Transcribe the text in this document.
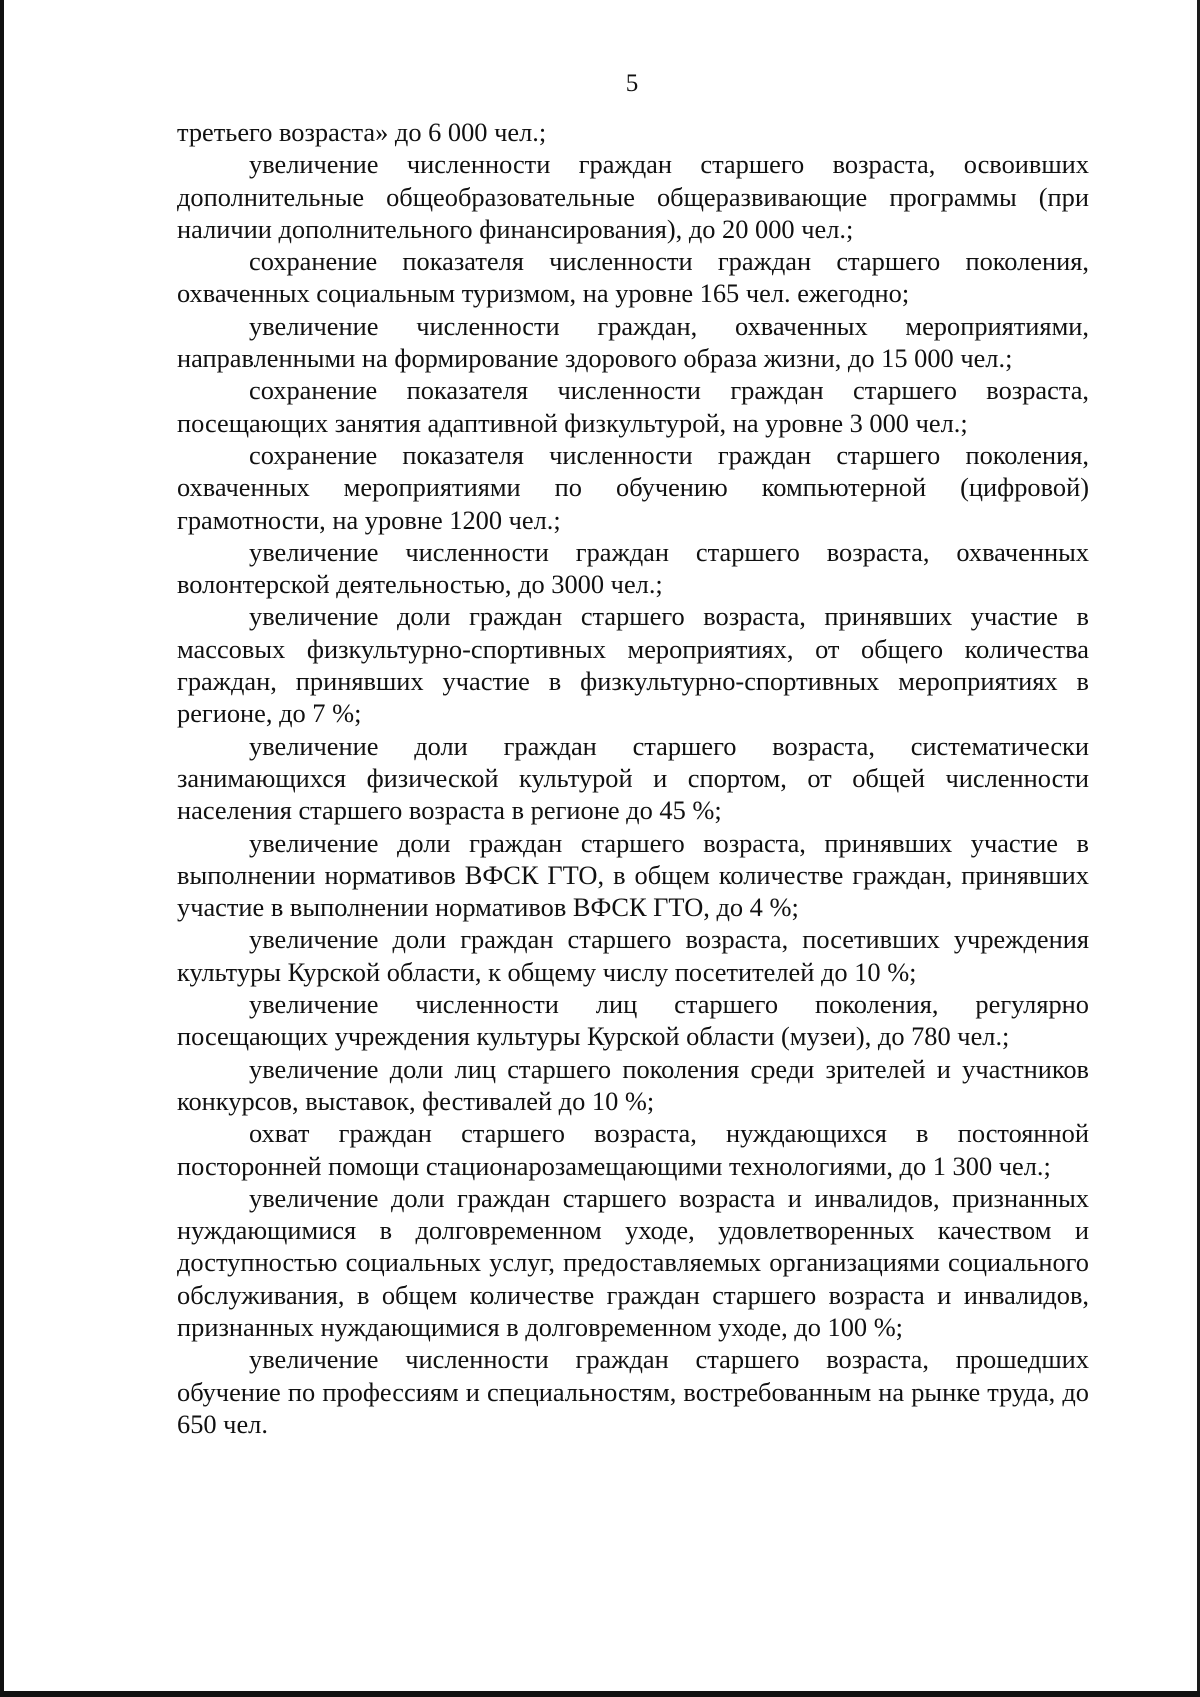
5

третьего возраста» до 6 000 чел.;

увеличение численности граждан старшего возраста, освоивших дополнительные общеобразовательные общеразвивающие программы (при наличии дополнительного финансирования), до 20 000 чел.;

сохранение показателя численности граждан старшего поколения, охваченных социальным туризмом, на уровне 165 чел. ежегодно;

увеличение численности граждан, охваченных мероприятиями, направленными на формирование здорового образа жизни, до 15 000 чел.;

сохранение показателя численности граждан старшего возраста, посещающих занятия адаптивной физкультурой, на уровне 3 000 чел.;

сохранение показателя численности граждан старшего поколения, охваченных мероприятиями по обучению компьютерной (цифровой) грамотности, на уровне 1200 чел.;

увеличение численности граждан старшего возраста, охваченных волонтерской деятельностью, до 3000 чел.;

увеличение доли граждан старшего возраста, принявших участие в массовых физкультурно-спортивных мероприятиях, от общего количества граждан, принявших участие в физкультурно-спортивных мероприятиях в регионе, до 7 %;

увеличение доли граждан старшего возраста, систематически занимающихся физической культурой и спортом, от общей численности населения старшего возраста в регионе до 45 %;

увеличение доли граждан старшего возраста, принявших участие в выполнении нормативов ВФСК ГТО, в общем количестве граждан, принявших участие в выполнении нормативов ВФСК ГТО, до 4 %;

увеличение доли граждан старшего возраста, посетивших учреждения культуры Курской области, к общему числу посетителей до 10 %;

увеличение численности лиц старшего поколения, регулярно посещающих учреждения культуры Курской области (музеи), до 780 чел.;

увеличение доли лиц старшего поколения среди зрителей и участников конкурсов, выставок, фестивалей до 10 %;

охват граждан старшего возраста, нуждающихся в постоянной посторонней помощи стационарозамещающими технологиями, до 1 300 чел.;

увеличение доли граждан старшего возраста и инвалидов, признанных нуждающимися в долговременном уходе, удовлетворенных качеством и доступностью социальных услуг, предоставляемых организациями социального обслуживания, в общем количестве граждан старшего возраста и инвалидов, признанных нуждающимися в долговременном уходе, до 100 %;

увеличение численности граждан старшего возраста, прошедших обучение по профессиям и специальностям, востребованным на рынке труда, до 650 чел.
